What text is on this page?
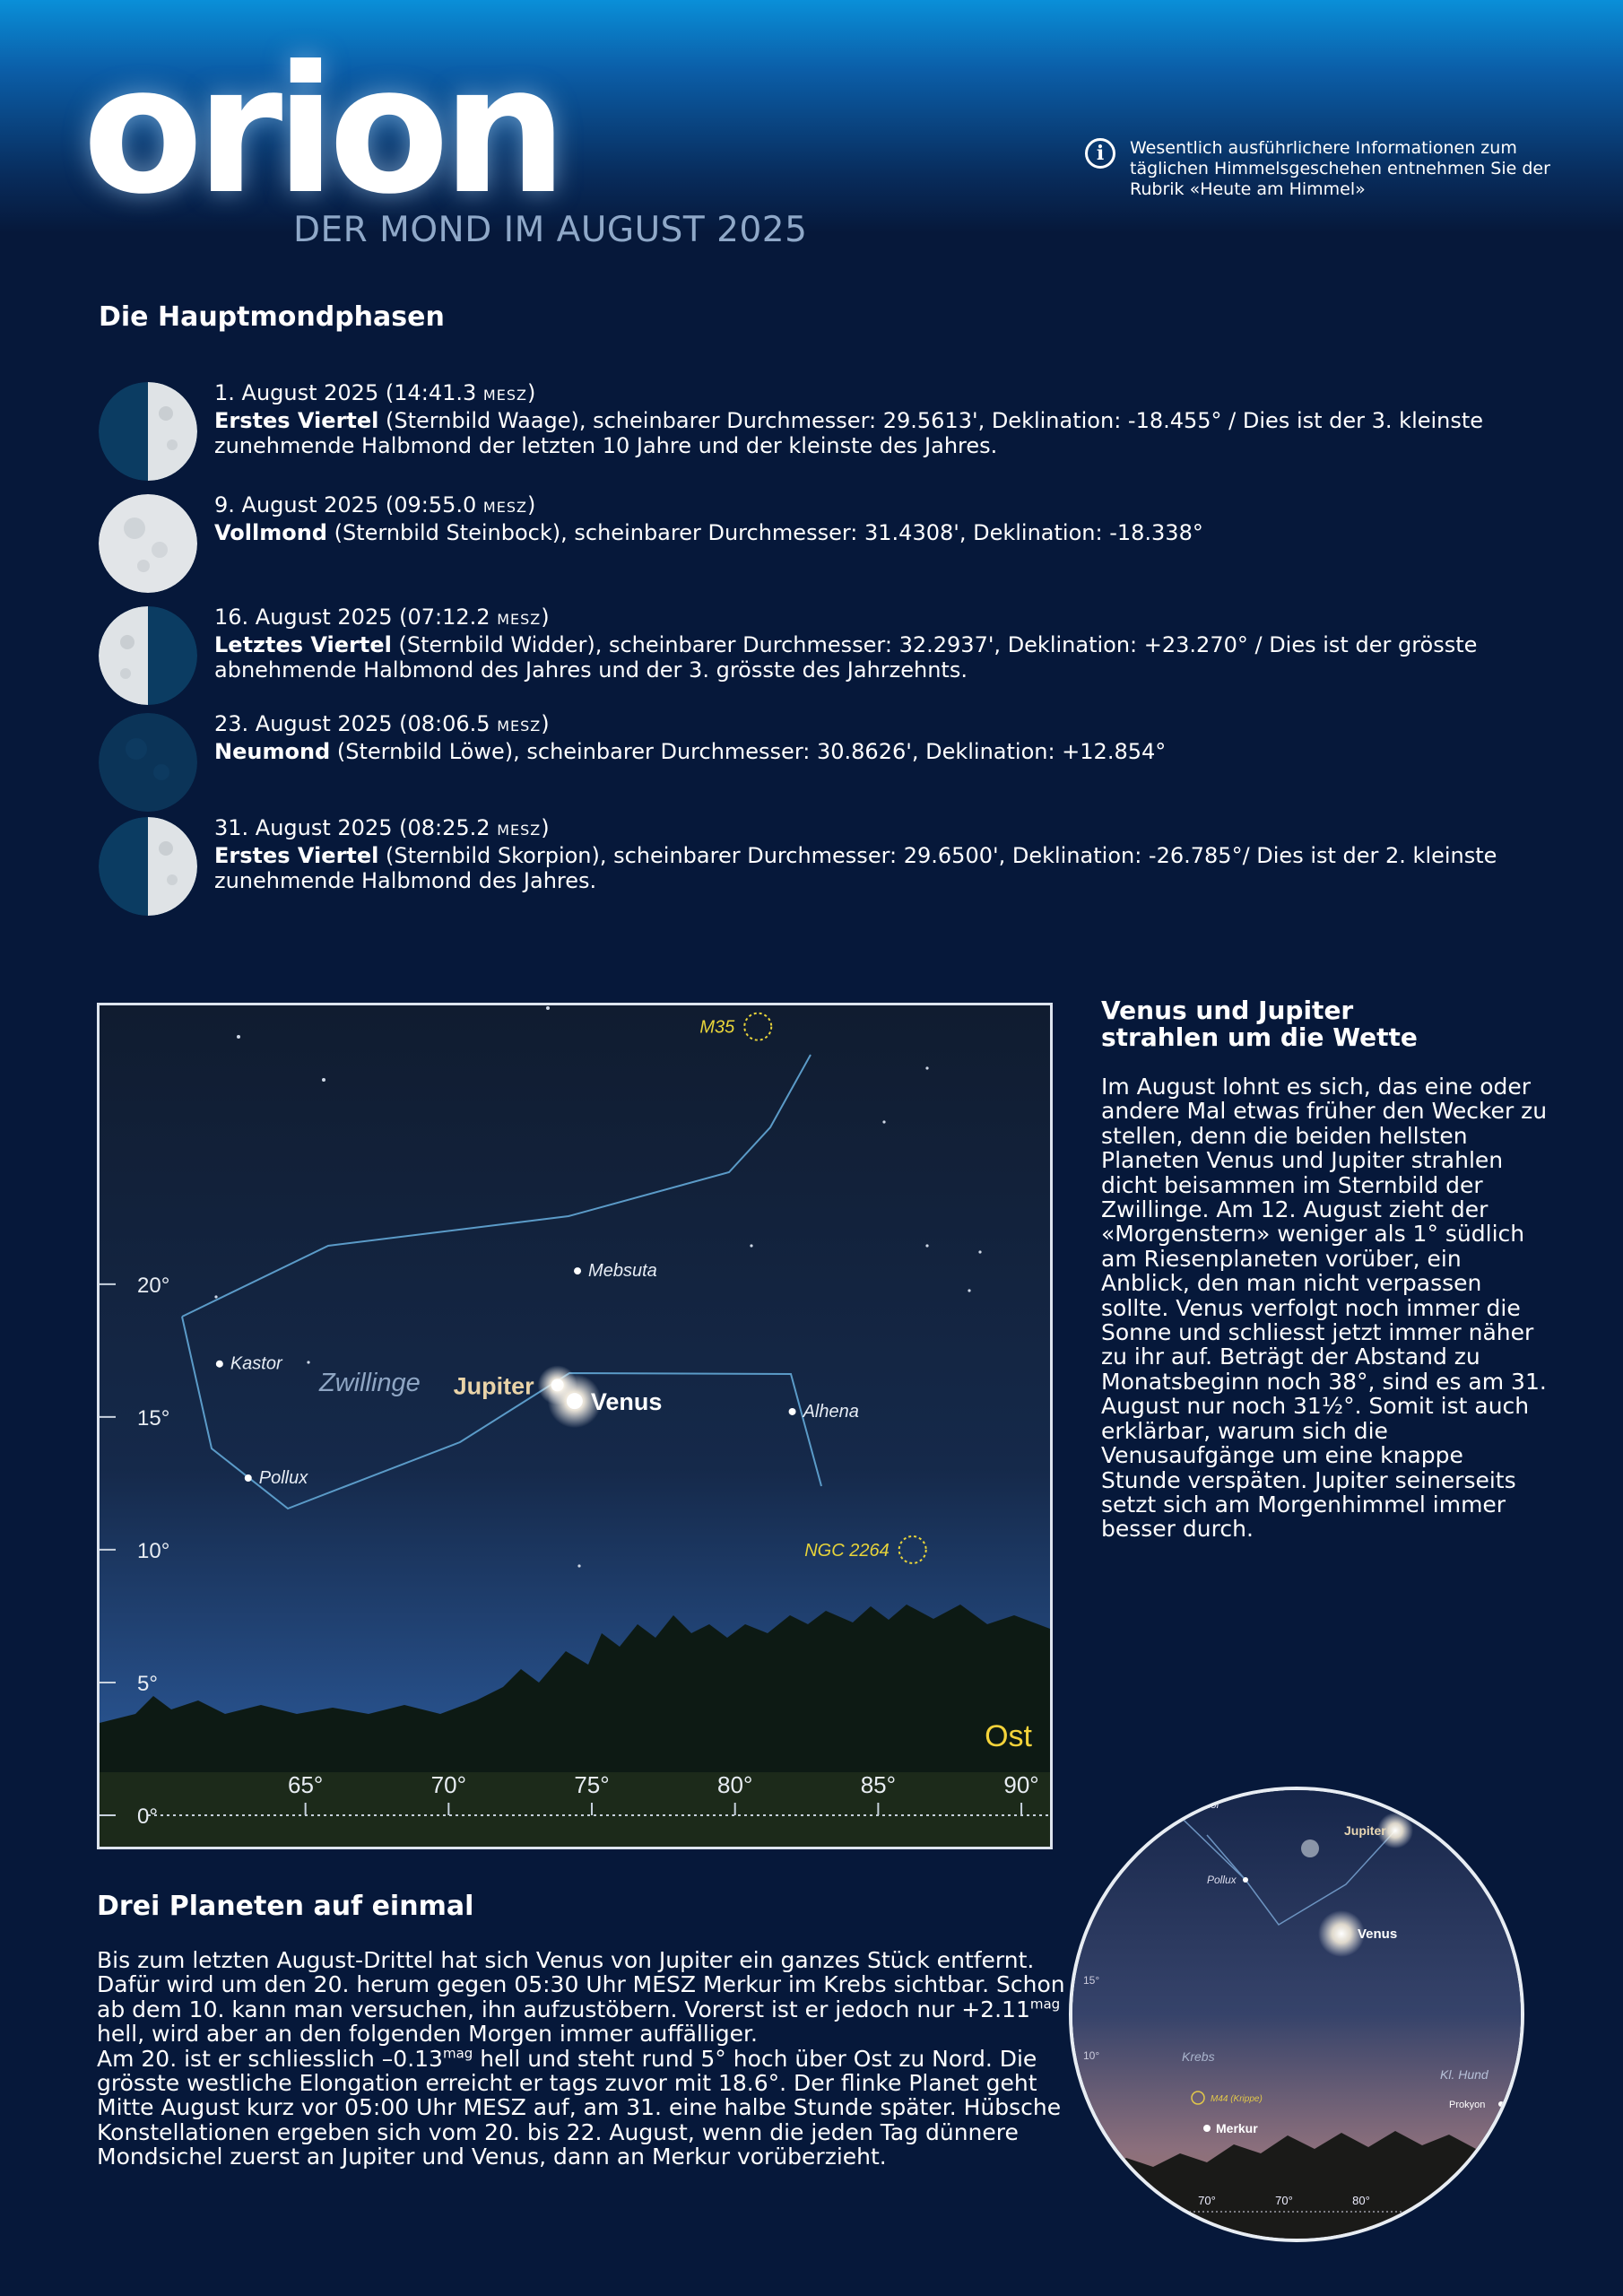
orion
DER MOND IM AUGUST 2025
i	Wesentlich ausführlichere Informationen zum täglichen Himmelsgeschehen entnehmen Sie der Rubrik «Heute am Himmel»
Die Hauptmondphasen
1. August 2025 (14:41.3 MESZ)
Erstes Viertel (Sternbild Waage), scheinbarer Durchmesser: 29.5613', Deklination: -18.455° / Dies ist der 3. kleinste zunehmende Halbmond der letzten 10 Jahre und der kleinste des Jahres.
9. August 2025 (09:55.0 MESZ)
Vollmond (Sternbild Steinbock), scheinbarer Durchmesser: 31.4308', Deklination: -18.338°
16. August 2025 (07:12.2 MESZ)
Letztes Viertel (Sternbild Widder), scheinbarer Durchmesser: 32.2937', Deklination: +23.270° / Dies ist der grösste abnehmende Halbmond des Jahres und der 3. grösste des Jahrzehnts.
23. August 2025 (08:06.5 MESZ)
Neumond (Sternbild Löwe), scheinbarer Durchmesser: 30.8626', Deklination: +12.854°
31. August 2025 (08:25.2 MESZ)
Erstes Viertel (Sternbild Skorpion), scheinbarer Durchmesser: 29.6500', Deklination: -26.785°/ Dies ist der 2. kleinste zunehmende Halbmond des Jahres.
0°
5°
10°
15°
20°
65°	70°	75°	80°	85°	90°
Mebsuta
Kastor
Pollux
Alhena
M35
NGC 2264
Jupiter
Venus
Zwillinge
Ost
Venus und Jupiter
strahlen um die Wette
Im August lohnt es sich, das eine oder andere Mal etwas früher den Wecker zu stellen, denn die beiden hellsten Planeten Venus und Jupiter strahlen dicht beisammen im Sternbild der Zwillinge. Am 12. August zieht der «Morgenstern» weniger als 1° südlich am Riesenplaneten vorüber, ein Anblick, den man nicht verpassen sollte. Venus verfolgt noch immer die Sonne und schliesst jetzt immer näher zu ihr auf. Beträgt der Abstand zu Monatsbeginn noch 38°, sind es am 31. August nur noch 31½°. Somit ist auch erklärbar, warum sich die Venusaufgänge um eine knappe Stunde verspäten. Jupiter seinerseits setzt sich am Morgenhimmel immer besser durch.
Drei Planeten auf einmal
Bis zum letzten August-Drittel hat sich Venus von Jupiter ein ganzes Stück entfernt. Dafür wird um den 20. herum gegen 05:30 Uhr MESZ Merkur im Krebs sichtbar. Schon ab dem 10. kann man versuchen, ihn aufzustöbern. Vorerst ist er jedoch nur $+2.11^{mag}$ hell, wird aber an den folgenden Morgen immer auffälliger.
Am 20. ist er schliesslich $-0.13^{mag}$ hell und steht rund 5° hoch über Ost zu Nord. Die grösste westliche Elongation erreicht er tags zuvor mit 18.6°. Der flinke Planet geht Mitte August kurz vor 05:00 Uhr MESZ auf, am 31. eine halbe Stunde später. Hübsche Konstellationen ergeben sich vom 20. bis 22. August, wenn die jeden Tag dünnere Mondsichel zuerst an Jupiter und Venus, dann an Merkur vorüberzieht.
Kastor
Pollux
Jupiter
Venus
15°
10°	Krebs
M44 (Krippe)
Merkur
Kl. Hund
Prokyon
70°	70°	80°	85°
